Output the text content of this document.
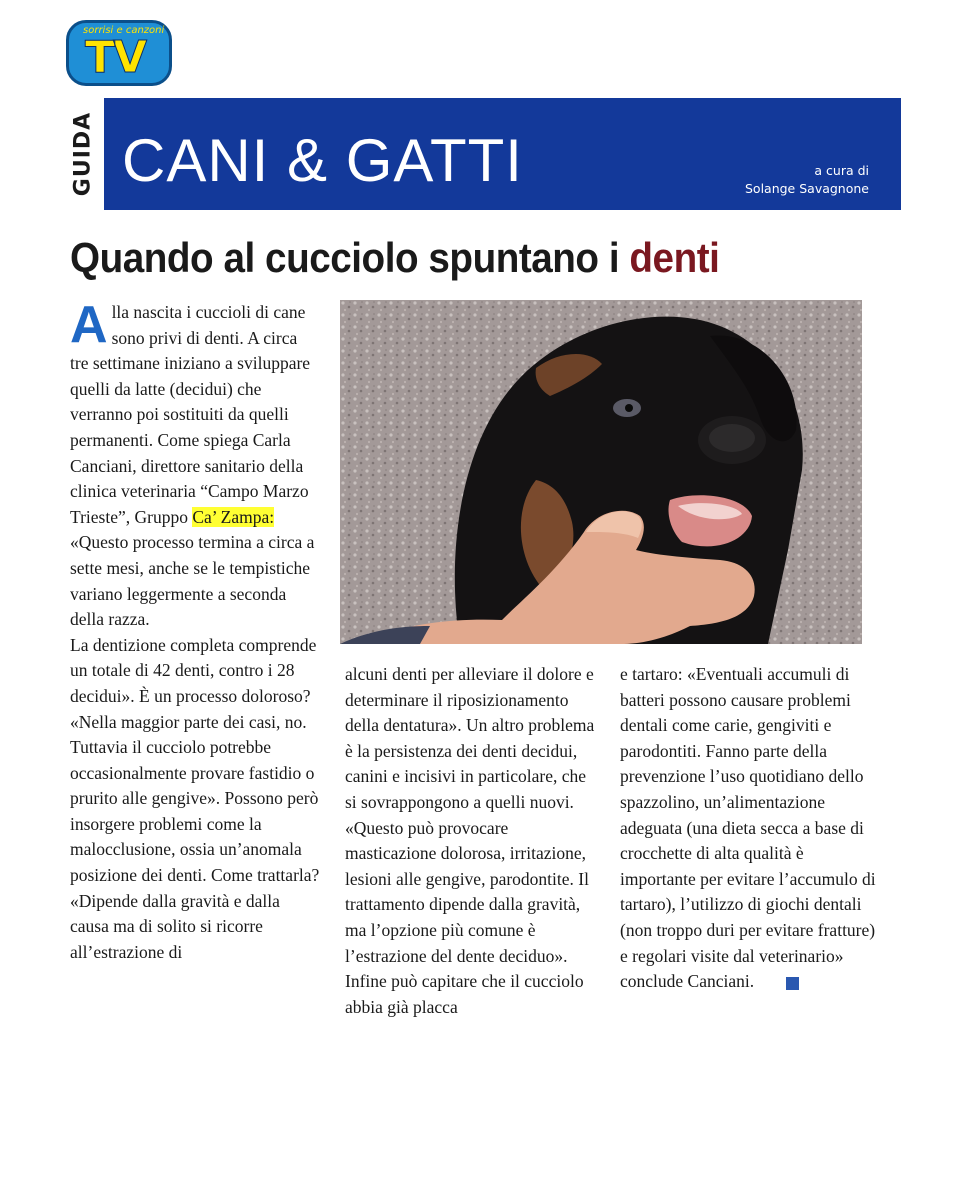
sorrisi e canzoni
TV
GUIDA CANI & GATTI	a cura di
Solange Savagnone
Quando al cucciolo spuntano i denti

Alla nascita i cuccioli di cane sono privi di denti. A circa tre settimane iniziano a sviluppare quelli da latte (decidui) che verranno poi sostituiti da quelli permanenti. Come spiega Carla Canciani, direttore sanitario della clinica veterinaria “Campo Marzo Trieste”, Gruppo Ca’ Zampa: «Questo processo termina a circa a sette mesi, anche se le tempistiche variano leggermente a seconda della razza.

La dentizione completa comprende un totale di 42 denti, contro i 28 decidui». È un processo doloroso? «Nella maggior parte dei casi, no. Tuttavia il cucciolo potrebbe occasionalmente provare fastidio o prurito alle gengive». Possono però insorgere problemi come la malocclusione, ossia un’anomala posizione dei denti. Come trattarla? «Dipende dalla gravità e dalla causa ma di solito si ricorre all’estrazione di

alcuni denti per alleviare il dolore e determinare il riposizionamento della dentatura». Un altro problema è la persistenza dei denti decidui, canini e incisivi in particolare, che si sovrappongono a quelli nuovi. «Questo può provocare masticazione dolorosa, irritazione, lesioni alle gengive, parodontite. Il trattamento dipende dalla gravità, ma l’opzione più comune è l’estrazione del dente deciduo».
Infine può capitare che il cucciolo abbia già placca
e tartaro: «Eventuali accumuli di batteri possono causare problemi dentali come carie, gengiviti e parodontiti. Fanno parte della prevenzione l’uso quotidiano dello spazzolino, un’alimentazione adeguata (una dieta secca a base di crocchette di alta qualità è importante per evitare l’accumulo di tartaro), l’utilizzo di giochi dentali (non troppo duri per evitare fratture) e regolari visite dal veterinario» conclude Canciani.
